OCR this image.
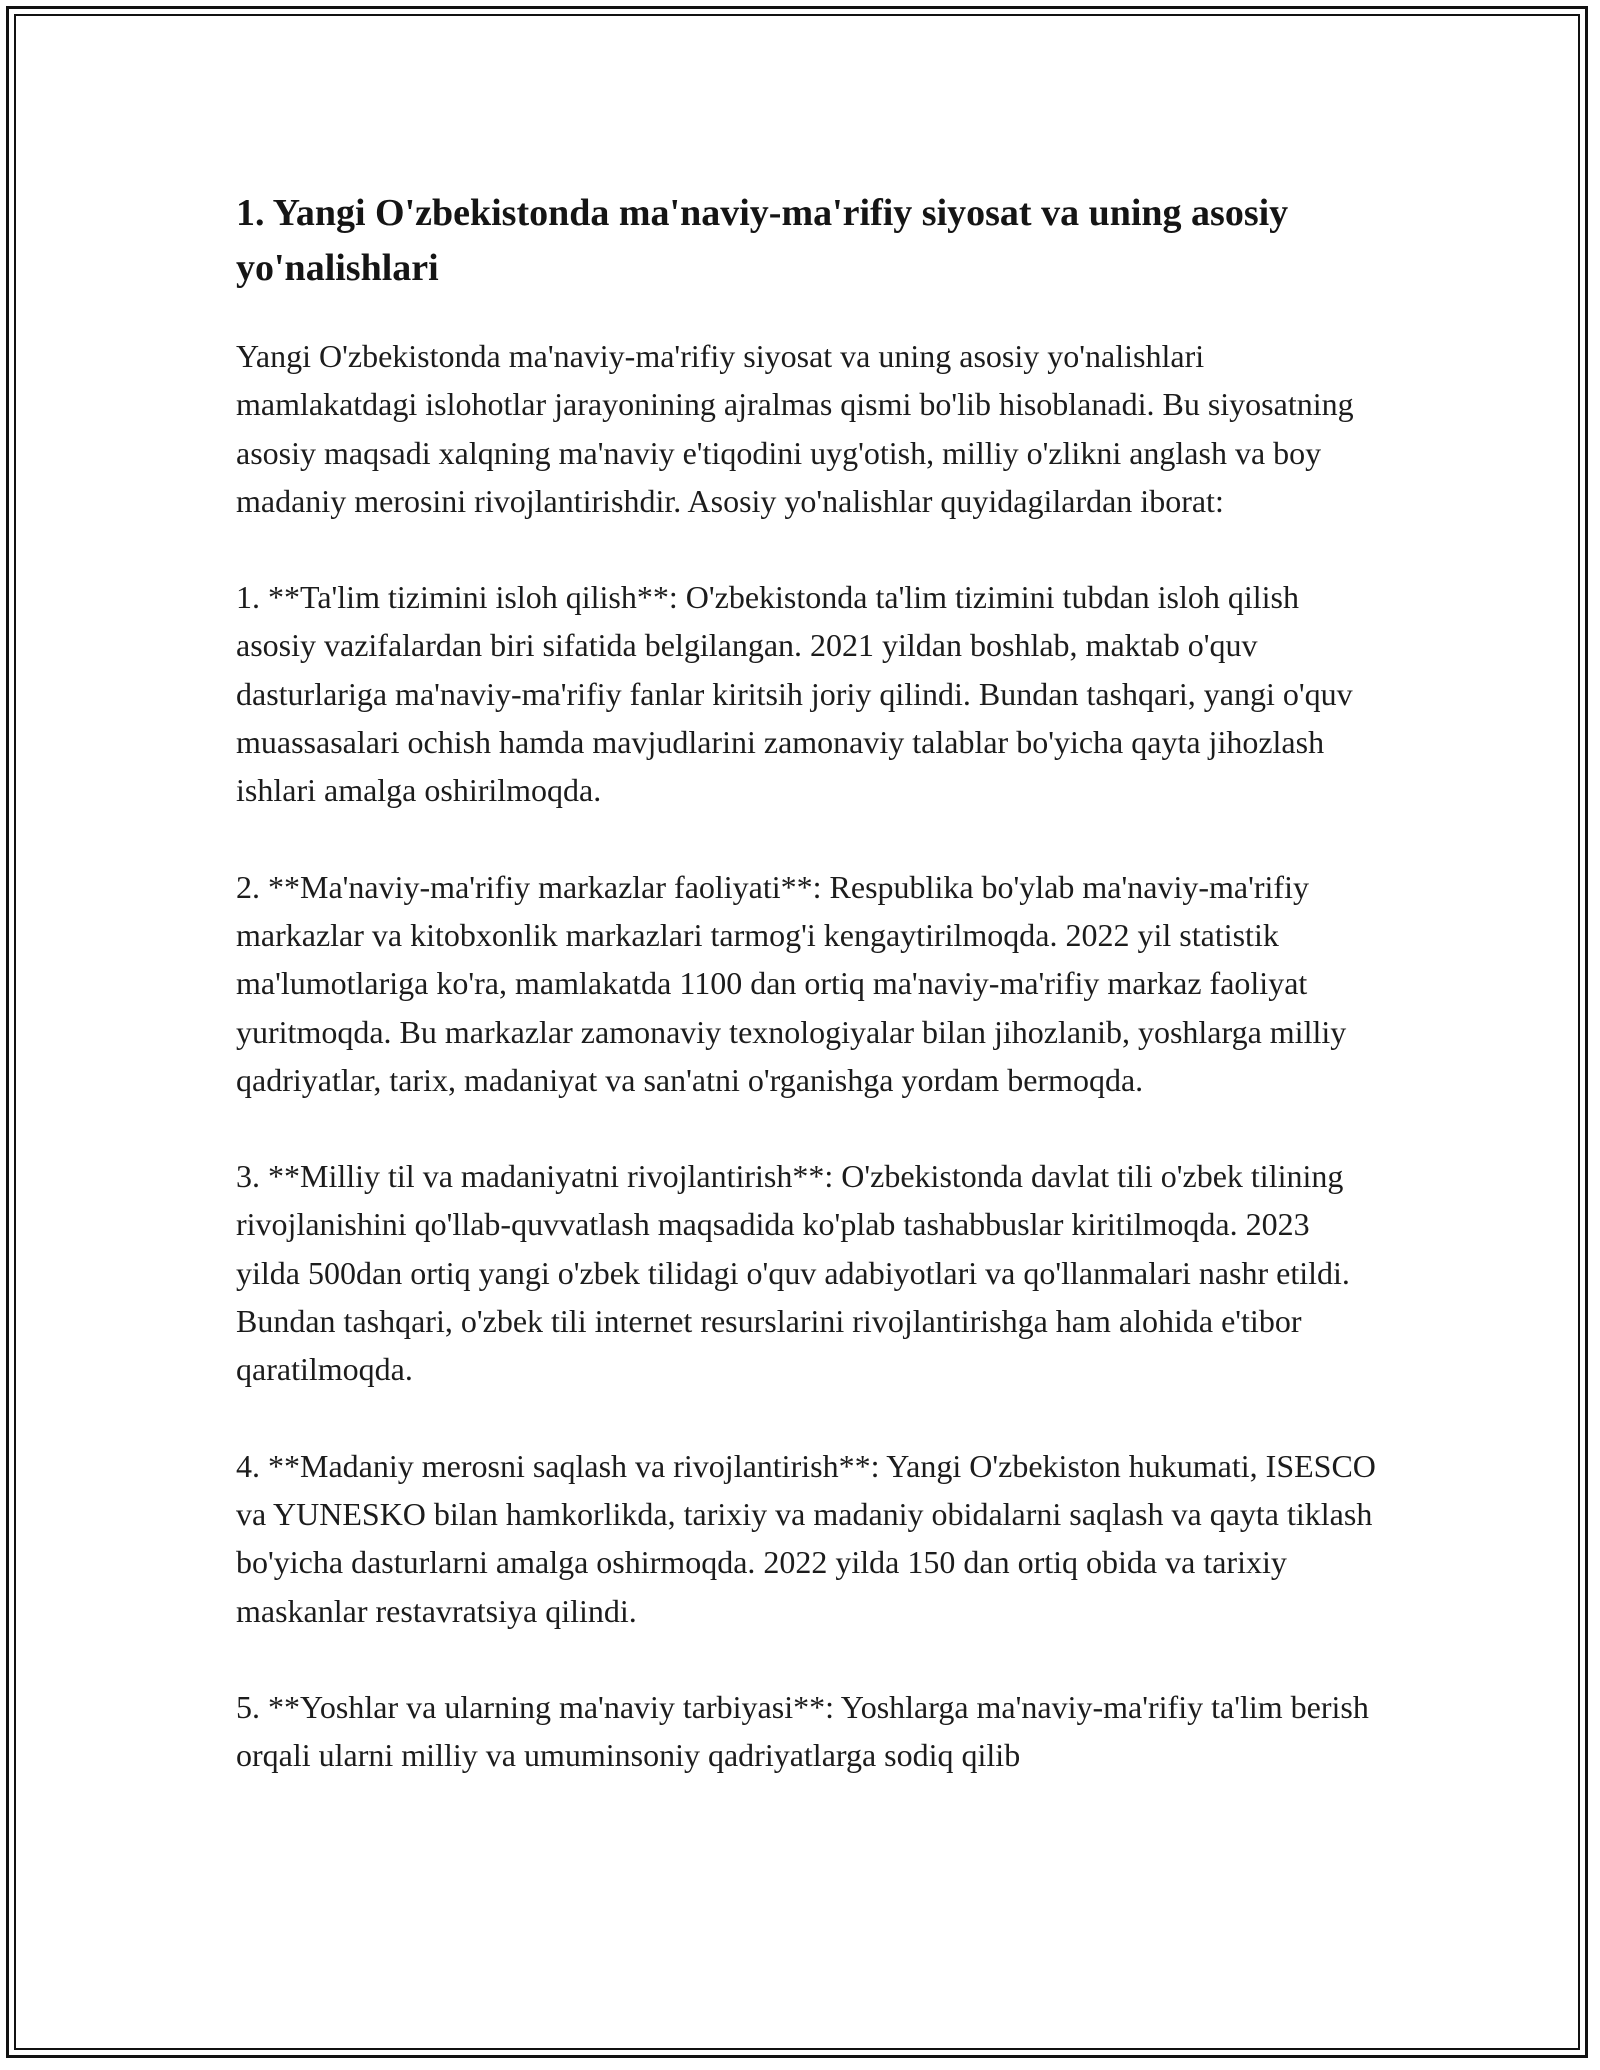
1. Yangi O'zbekistonda ma'naviy-ma'rifiy siyosat va uning asosiy yo'nalishlari

Yangi O'zbekistonda ma'naviy-ma'rifiy siyosat va uning asosiy yo'nalishlari mamlakatdagi islohotlar jarayonining ajralmas qismi bo'lib hisoblanadi. Bu siyosatning asosiy maqsadi xalqning ma'naviy e'tiqodini uyg'otish, milliy o'zlikni anglash va boy madaniy merosini rivojlantirishdir. Asosiy yo'nalishlar quyidagilardan iborat:

1. **Ta'lim tizimini isloh qilish**: O'zbekistonda ta'lim tizimini tubdan isloh qilish asosiy vazifalardan biri sifatida belgilangan. 2021 yildan boshlab, maktab o'quv dasturlariga ma'naviy-ma'rifiy fanlar kiritsih joriy qilindi. Bundan tashqari, yangi o'quv muassasalari ochish hamda mavjudlarini zamonaviy talablar bo'yicha qayta jihozlash ishlari amalga oshirilmoqda.

2. **Ma'naviy-ma'rifiy markazlar faoliyati**: Respublika bo'ylab ma'naviy-ma'rifiy markazlar va kitobxonlik markazlari tarmog'i kengaytirilmoqda. 2022 yil statistik ma'lumotlariga ko'ra, mamlakatda 1100 dan ortiq ma'naviy-ma'rifiy markaz faoliyat yuritmoqda. Bu markazlar zamonaviy texnologiyalar bilan jihozlanib, yoshlarga milliy qadriyatlar, tarix, madaniyat va san'atni o'rganishga yordam bermoqda.

3. **Milliy til va madaniyatni rivojlantirish**: O'zbekistonda davlat tili o'zbek tilining rivojlanishini qo'llab-quvvatlash maqsadida ko'plab tashabbuslar kiritilmoqda. 2023 yilda 500dan ortiq yangi o'zbek tilidagi o'quv adabiyotlari va qo'llanmalari nashr etildi. Bundan tashqari, o'zbek tili internet resurslarini rivojlantirishga ham alohida e'tibor qaratilmoqda.

4. **Madaniy merosni saqlash va rivojlantirish**: Yangi O'zbekiston hukumati, ISESCO va YUNESKO bilan hamkorlikda, tarixiy va madaniy obidalarni saqlash va qayta tiklash bo'yicha dasturlarni amalga oshirmoqda. 2022 yilda 150 dan ortiq obida va tarixiy maskanlar restavratsiya qilindi.

5. **Yoshlar va ularning ma'naviy tarbiyasi**: Yoshlarga ma'naviy-ma'rifiy ta'lim berish orqali ularni milliy va umuminsoniy qadriyatlarga sodiq qilib
